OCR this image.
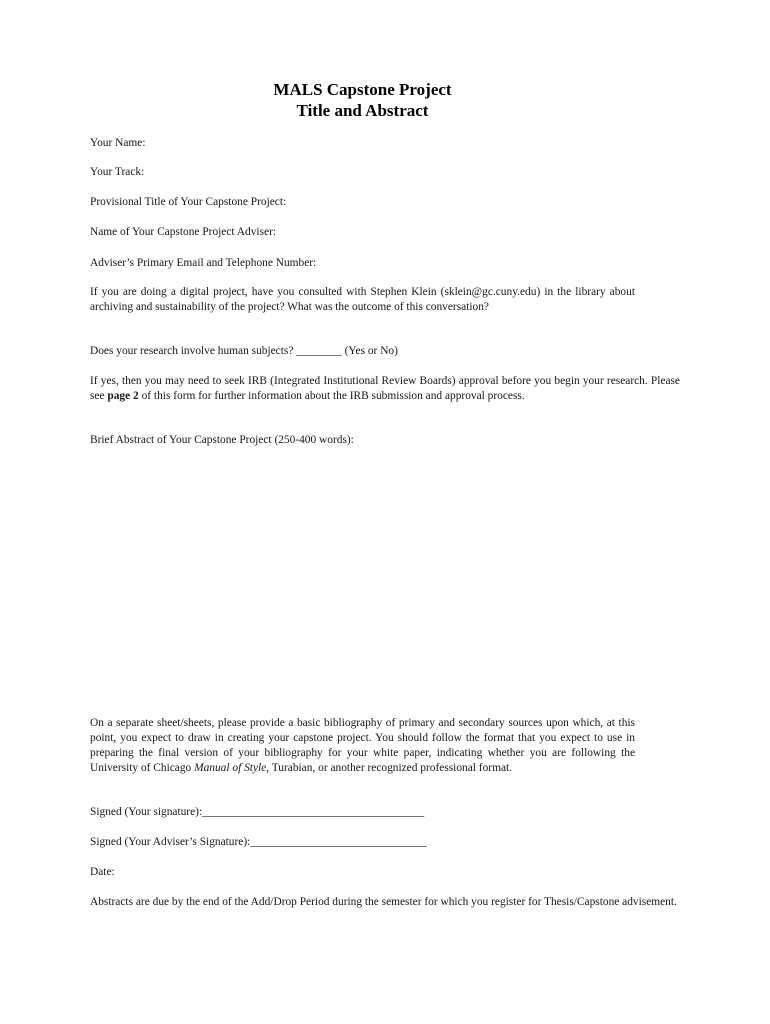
MALS Capstone Project
Title and Abstract

Your Name:

Your Track:

Provisional Title of Your Capstone Project:

Name of Your Capstone Project Adviser:

Adviser’s Primary Email and Telephone Number:

If you are doing a digital project, have you consulted with Stephen Klein (sklein@gc.cuny.edu) in the library about archiving and sustainability of the project? What was the outcome of this conversation?

Does your research involve human subjects? ________ (Yes or No)

If yes, then you may need to seek IRB (Integrated Institutional Review Boards) approval before you begin your research. Please see page 2 of this form for further information about the IRB submission and approval process.

Brief Abstract of Your Capstone Project (250-400 words):

On a separate sheet/sheets, please provide a basic bibliography of primary and secondary sources upon which, at this point, you expect to draw in creating your capstone project. You should follow the format that you expect to use in preparing the final version of your bibliography for your white paper, indicating whether you are following the University of Chicago Manual of Style, Turabian, or another recognized professional format.

Signed (Your signature):_______________________________________

Signed (Your Adviser’s Signature):_______________________________

Date:

Abstracts are due by the end of the Add/Drop Period during the semester for which you register for Thesis/Capstone advisement.
